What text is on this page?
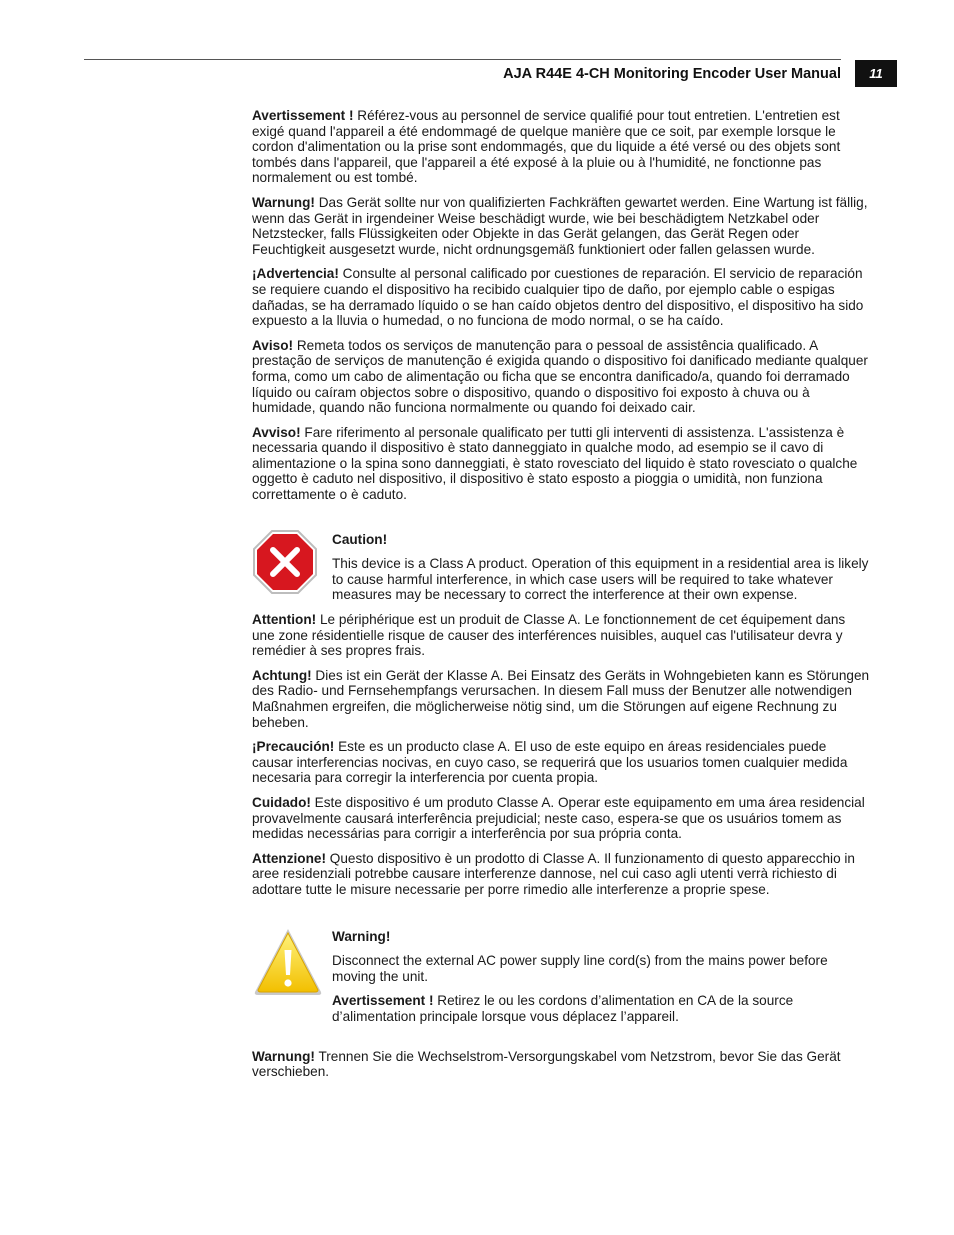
AJA R44E 4-CH Monitoring Encoder User Manual	11

Avertissement ! Référez-vous au personnel de service qualifié pour tout entretien. L'entretien est exigé quand l'appareil a été endommagé de quelque manière que ce soit, par exemple lorsque le cordon d'alimentation ou la prise sont endommagés, que du liquide a été versé ou des objets sont tombés dans l'appareil, que l'appareil a été exposé à la pluie ou à l'humidité, ne fonctionne pas normalement ou est tombé.

Warnung! Das Gerät sollte nur von qualifizierten Fachkräften gewartet werden. Eine Wartung ist fällig, wenn das Gerät in irgendeiner Weise beschädigt wurde, wie bei beschädigtem Netzkabel oder Netzstecker, falls Flüssigkeiten oder Objekte in das Gerät gelangen, das Gerät Regen oder Feuchtigkeit ausgesetzt wurde, nicht ordnungsgemäß funktioniert oder fallen gelassen wurde.

¡Advertencia! Consulte al personal calificado por cuestiones de reparación. El servicio de reparación se requiere cuando el dispositivo ha recibido cualquier tipo de daño, por ejemplo cable o espigas dañadas, se ha derramado líquido o se han caído objetos dentro del dispositivo, el dispositivo ha sido expuesto a la lluvia o humedad, o no funciona de modo normal, o se ha caído.

Aviso! Remeta todos os serviços de manutenção para o pessoal de assistência qualificado. A prestação de serviços de manutenção é exigida quando o dispositivo foi danificado mediante qualquer forma, como um cabo de alimentação ou ficha que se encontra danificado/a, quando foi derramado líquido ou caíram objectos sobre o dispositivo, quando o dispositivo foi exposto à chuva ou à humidade, quando não funciona normalmente ou quando foi deixado cair.

Avviso! Fare riferimento al personale qualificato per tutti gli interventi di assistenza. L'assistenza è necessaria quando il dispositivo è stato danneggiato in qualche modo, ad esempio se il cavo di alimentazione o la spina sono danneggiati, è stato rovesciato del liquido è stato rovesciato o qualche oggetto è caduto nel dispositivo, il dispositivo è stato esposto a pioggia o umidità, non funziona correttamente o è caduto.

Caution!

This device is a Class A product. Operation of this equipment in a residential area is likely to cause harmful interference, in which case users will be required to take whatever measures may be necessary to correct the interference at their own expense.

Attention! Le périphérique est un produit de Classe A. Le fonctionnement de cet équipement dans une zone résidentielle risque de causer des interférences nuisibles, auquel cas l'utilisateur devra y remédier à ses propres frais.

Achtung! Dies ist ein Gerät der Klasse A. Bei Einsatz des Geräts in Wohngebieten kann es Störungen des Radio- und Fernsehempfangs verursachen. In diesem Fall muss der Benutzer alle notwendigen Maßnahmen ergreifen, die möglicherweise nötig sind, um die Störungen auf eigene Rechnung zu beheben.

¡Precaución! Este es un producto clase A. El uso de este equipo en áreas residenciales puede causar interferencias nocivas, en cuyo caso, se requerirá que los usuarios tomen cualquier medida necesaria para corregir la interferencia por cuenta propia.

Cuidado! Este dispositivo é um produto Classe A. Operar este equipamento em uma área residencial provavelmente causará interferência prejudicial; neste caso, espera-se que os usuários tomem as medidas necessárias para corrigir a interferência por sua própria conta.

Attenzione! Questo dispositivo è un prodotto di Classe A. Il funzionamento di questo apparecchio in aree residenziali potrebbe causare interferenze dannose, nel cui caso agli utenti verrà richiesto di adottare tutte le misure necessarie per porre rimedio alle interferenze a proprie spese.

Warning!

Disconnect the external AC power supply line cord(s) from the mains power before moving the unit.

Avertissement ! Retirez le ou les cordons d’alimentation en CA de la source d’alimentation principale lorsque vous déplacez l’appareil.

Warnung! Trennen Sie die Wechselstrom-Versorgungskabel vom Netzstrom, bevor Sie das Gerät verschieben.
